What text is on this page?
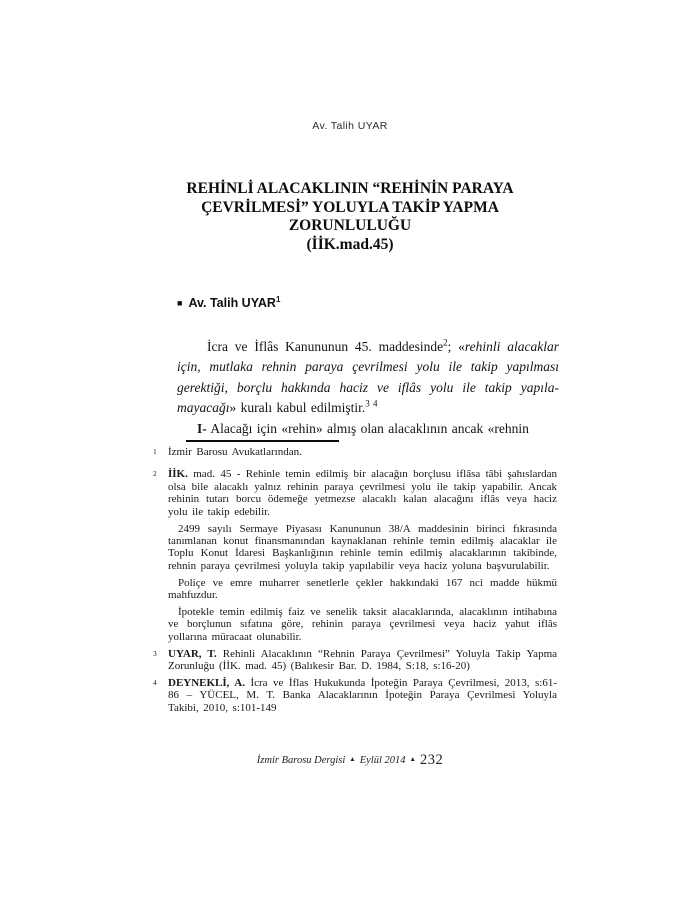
Av. Talih UYAR
REHİNLİ ALACAKLININ “REHİNİN PARAYA
ÇEVRİLMESİ” YOLUYLA TAKİP YAPMA
ZORUNLULUĞU
(İİK.mad.45)
■ Av. Talih UYAR$^1$

İcra ve İflâs Kanununun 45. maddesinde$^2$; «rehinli alacaklar için, mutlaka rehnin paraya çevrilmesi yolu ile takip yapılması gerektiği, borçlu hakkında haciz ve iflâs yolu ile takip yapıla-mayacağı» kuralı kabul edilmiştir.$^{3 4}$

I- Alacağı için «rehin» almış olan alacaklının ancak «rehnin

1 İzmir Barosu Avukatlarından.

2 İİK. mad. 45 - Rehinle temin edilmiş bir alacağın borçlusu iflâsa tâbi şahıslardan olsa bile alacaklı yalnız rehinin paraya çevrilmesi yolu ile takip yapabilir. Ancak rehinin tutarı borcu ödemeğe yetmezse alacaklı kalan alacağını iflâs veya haciz yolu ile takip edebilir.

2499 sayılı Sermaye Piyasası Kanununun 38/A maddesinin birinci fıkrasında tanımlanan konut finansmanından kaynaklanan rehinle temin edilmiş alacaklar ile Toplu Konut İdaresi Başkanlığının rehinle temin edilmiş alacaklarının takibinde, rehnin paraya çevrilmesi yoluyla takip yapılabilir veya haciz yoluna başvurulabilir.

Poliçe ve emre muharrer senetlerle çekler hakkındaki 167 nci madde hükmü mahfuzdur.

İpotekle temin edilmiş faiz ve senelik taksit alacaklarında, alacaklının intihabına ve borçlunun sıfatına göre, rehinin paraya çevrilmesi veya haciz yahut iflâs yollarına müracaat olunabilir.

3 UYAR, T. Rehinli Alacaklının “Rehnin Paraya Çevrilmesi” Yoluyla Takip Yapma Zorunluğu (İİK. mad. 45) (Balıkesir Bar. D. 1984, S:18, s:16-20)

4 DEYNEKLİ, A. İcra ve İflas Hukukunda İpoteğin Paraya Çevrilmesi, 2013, s:61-86 – YÜCEL, M. T. Banka Alacaklarının İpoteğin Paraya Çevrilmesi Yoluyla Takibi, 2010, s:101-149

İzmir Barosu Dergisi ▲ Eylül 2014 ▲ 232
